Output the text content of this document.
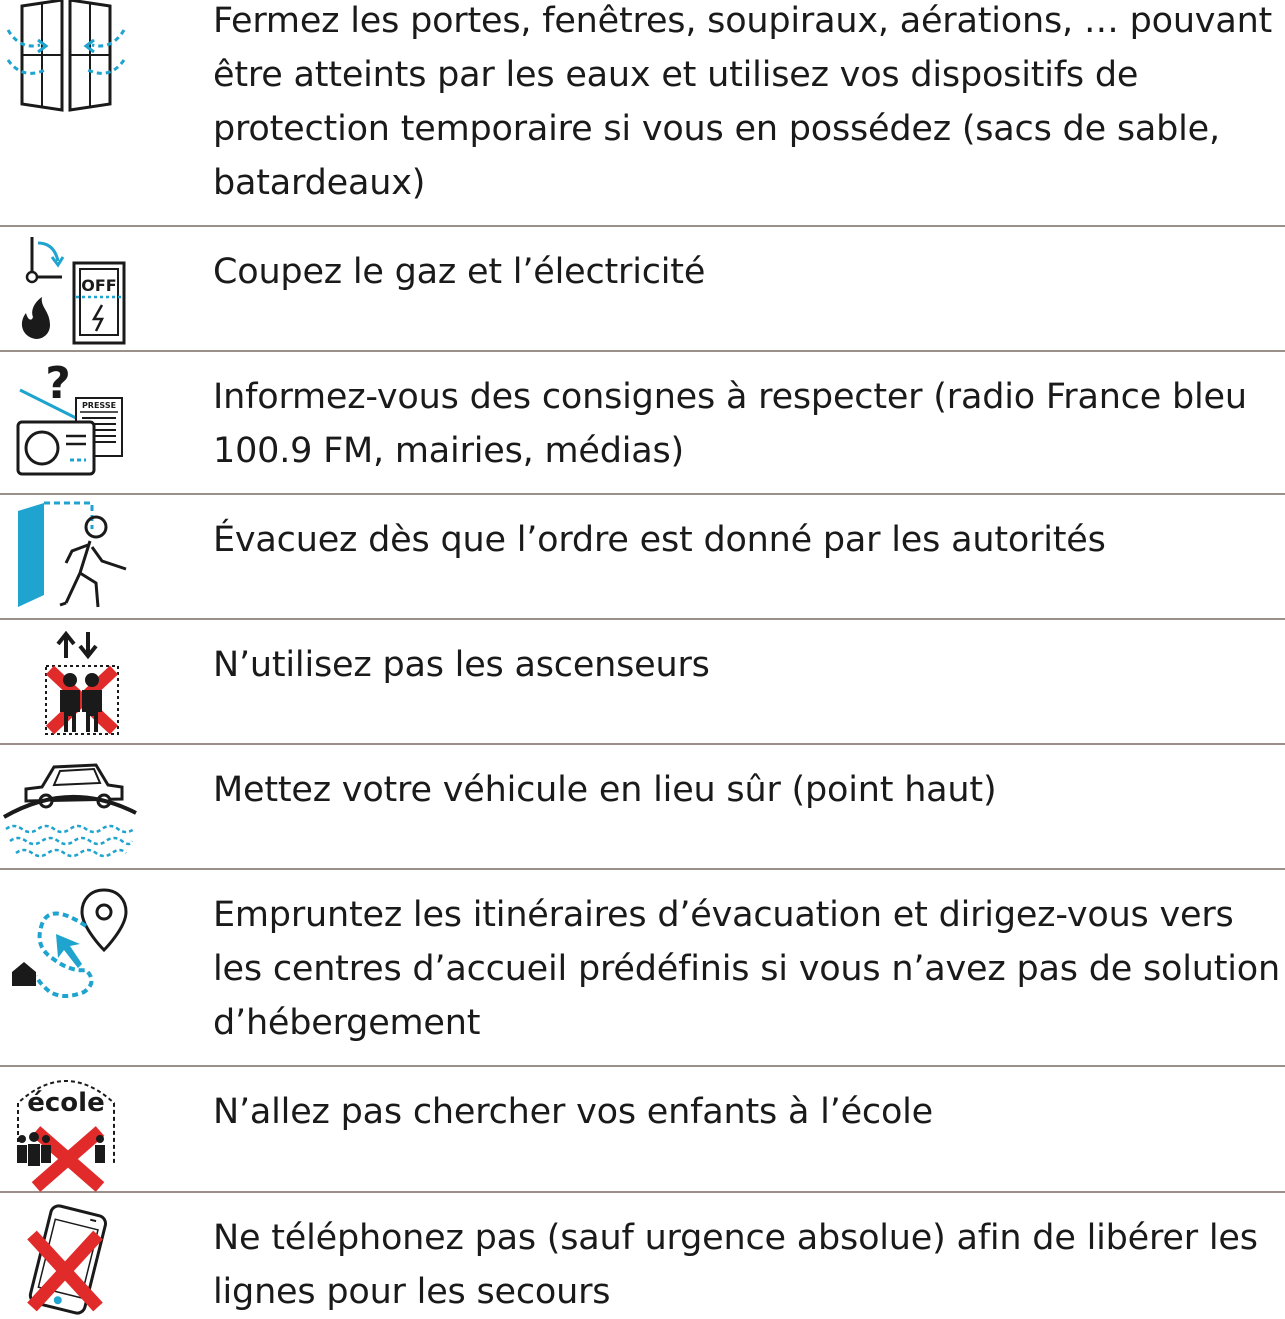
Fermez les portes, fenêtres, soupiraux, aérations, … pouvant être atteints par les eaux et utilisez vos dispositifs de protection temporaire si vous en possédez (sacs de sable, batardeaux)
OFF	Coupez le gaz et l’électricité
? PRESSE	Informez-vous des consignes à respecter (radio France bleu 100.9 FM, mairies, médias)
Évacuez dès que l’ordre est donné par les autorités
N’utilisez pas les ascenseurs
Mettez votre véhicule en lieu sûr (point haut)
Empruntez les itinéraires d’évacuation et dirigez-vous vers les centres d’accueil prédéfinis si vous n’avez pas de solution d’hébergement
école	N’allez pas chercher vos enfants à l’école
Ne téléphonez pas (sauf urgence absolue) afin de libérer les lignes pour les secours
